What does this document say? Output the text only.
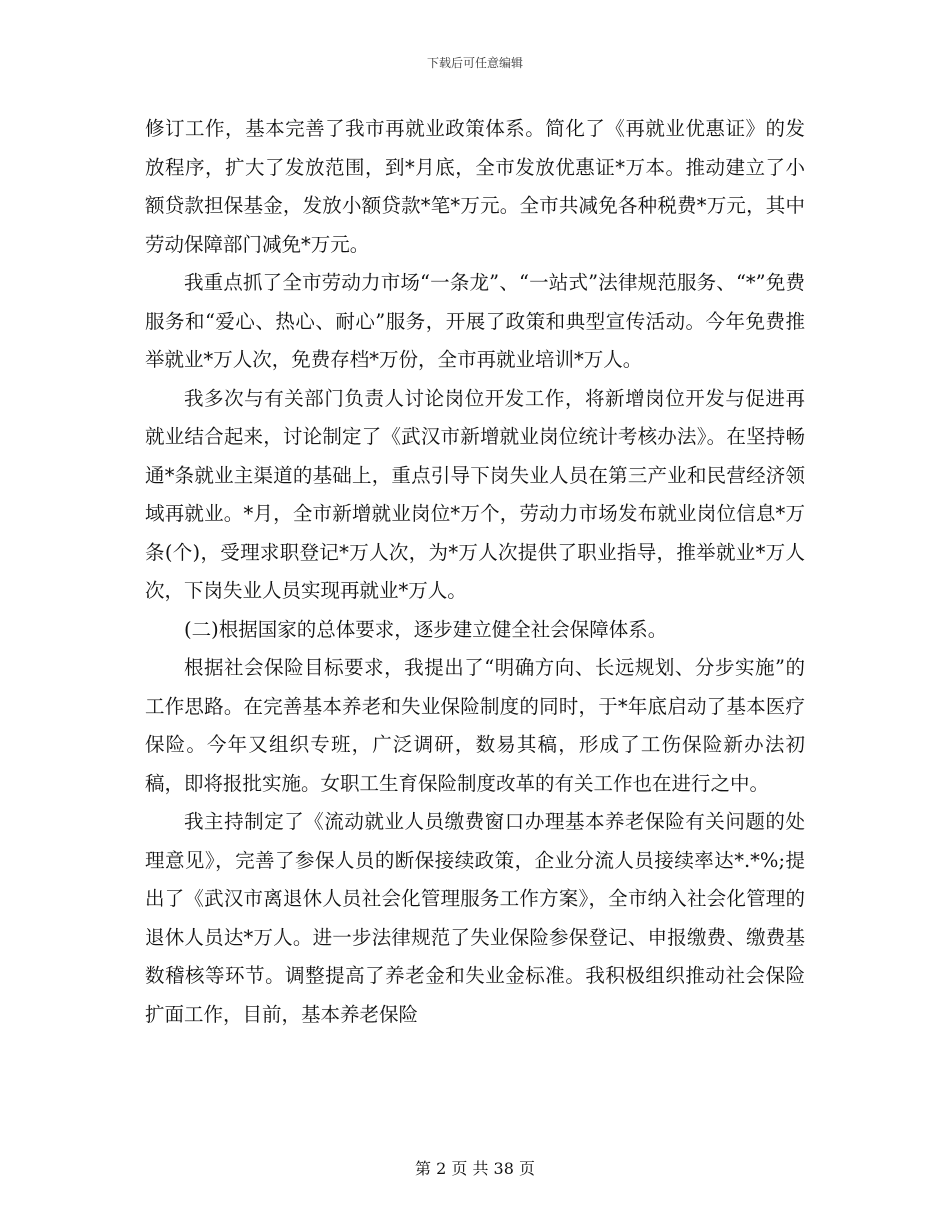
下载后可任意编辑

修订工作，基本完善了我市再就业政策体系。简化了《再就业优惠证》的发放程序，扩大了发放范围，到*月底，全市发放优惠证*万本。推动建立了小额贷款担保基金，发放小额贷款*笔*万元。全市共减免各种税费*万元，其中劳动保障部门减免*万元。

我重点抓了全市劳动力市场“一条龙”、“一站式”法律规范服务、“*”免费服务和“爱心、热心、耐心”服务，开展了政策和典型宣传活动。今年免费推举就业*万人次，免费存档*万份，全市再就业培训*万人。

我多次与有关部门负责人讨论岗位开发工作，将新增岗位开发与促进再就业结合起来，讨论制定了《武汉市新增就业岗位统计考核办法》。在坚持畅通*条就业主渠道的基础上，重点引导下岗失业人员在第三产业和民营经济领域再就业。*月，全市新增就业岗位*万个，劳动力市场发布就业岗位信息*万条(个)，受理求职登记*万人次，为*万人次提供了职业指导，推举就业*万人次，下岗失业人员实现再就业*万人。

(二)根据国家的总体要求，逐步建立健全社会保障体系。

根据社会保险目标要求，我提出了“明确方向、长远规划、分步实施”的工作思路。在完善基本养老和失业保险制度的同时，于*年底启动了基本医疗保险。今年又组织专班，广泛调研，数易其稿，形成了工伤保险新办法初稿，即将报批实施。女职工生育保险制度改革的有关工作也在进行之中。

我主持制定了《流动就业人员缴费窗口办理基本养老保险有关问题的处理意见》，完善了参保人员的断保接续政策，企业分流人员接续率达*.*%;提出了《武汉市离退休人员社会化管理服务工作方案》，全市纳入社会化管理的退休人员达*万人。进一步法律规范了失业保险参保登记、申报缴费、缴费基数稽核等环节。调整提高了养老金和失业金标准。我积极组织推动社会保险扩面工作，目前，基本养老保险

第 2 页 共 38 页
